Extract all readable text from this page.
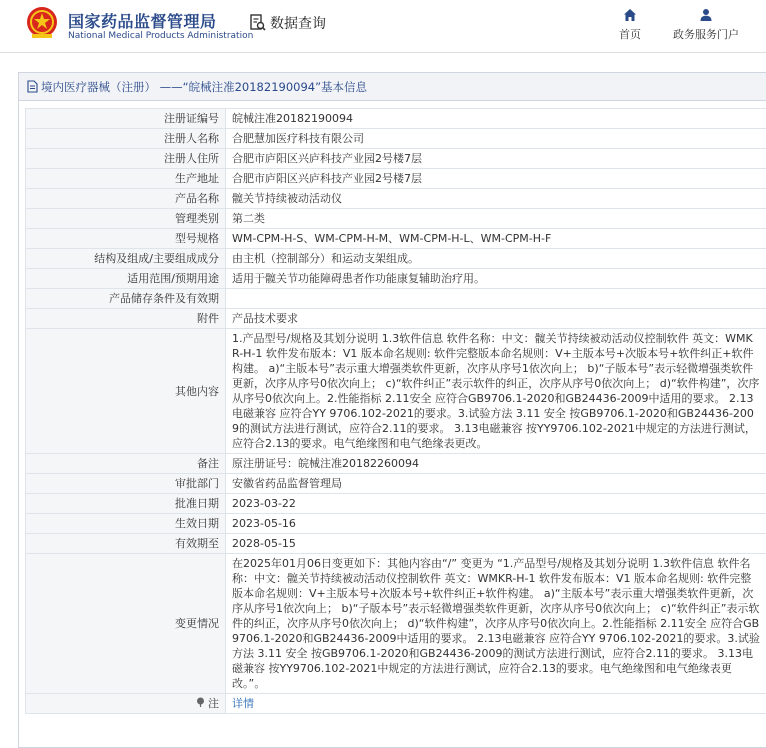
国家药品监督管理局
National Medical Products Administration
数据查询
首页	政务服务门户
境内医疗器械（注册） ——“皖械注准20182190094”基本信息
注册证编号	皖械注准20182190094
注册人名称	合肥慧加医疗科技有限公司
注册人住所	合肥市庐阳区兴庐科技产业园2号楼7层
生产地址	合肥市庐阳区兴庐科技产业园2号楼7层
产品名称	髋关节持续被动活动仪
管理类别	第二类
型号规格	WM-CPM-H-S、WM-CPM-H-M、WM-CPM-H-L、WM-CPM-H-F
结构及组成/主要组成成分	由主机（控制部分）和运动支架组成。
适用范围/预期用途	适用于髋关节功能障碍患者作功能康复辅助治疗用。
产品储存条件及有效期	
附件	产品技术要求
其他内容	1.产品型号/规格及其划分说明 1.3软件信息 软件名称：中文：髋关节持续被动活动仪控制软件 英文：WMKR-H-1 软件发布版本：V1 版本命名规则: 软件完整版本命名规则：V+主版本号+次版本号+软件纠正+软件构建。 a)“主版本号”表示重大增强类软件更新，次序从序号1依次向上； b)“子版本号”表示轻微增强类软件更新，次序从序号0依次向上； c)“软件纠正”表示软件的纠正，次序从序号0依次向上； d)“软件构建”，次序从序号0依次向上。2.性能指标 2.11安全 应符合GB9706.1-2020和GB24436-2009中适用的要求。 2.13电磁兼容 应符合YY 9706.102-2021的要求。3.试验方法 3.11 安全 按GB9706.1-2020和GB24436-2009的测试方法进行测试，应符合2.11的要求。 3.13电磁兼容 按YY9706.102-2021中规定的方法进行测试，应符合2.13的要求。电气绝缘图和电气绝缘表更改。
备注	原注册证号：皖械注准20182260094
审批部门	安徽省药品监督管理局
批准日期	2023-03-22
生效日期	2023-05-16
有效期至	2028-05-15
变更情况	在2025年01月06日变更如下：其他内容由“/” 变更为 “1.产品型号/规格及其划分说明 1.3软件信息 软件名称：中文：髋关节持续被动活动仪控制软件 英文：WMKR-H-1 软件发布版本：V1 版本命名规则: 软件完整版本命名规则：V+主版本号+次版本号+软件纠正+软件构建。 a)“主版本号”表示重大增强类软件更新，次序从序号1依次向上； b)“子版本号”表示轻微增强类软件更新，次序从序号0依次向上； c)“软件纠正”表示软件的纠正，次序从序号0依次向上； d)“软件构建”，次序从序号0依次向上。2.性能指标 2.11安全 应符合GB9706.1-2020和GB24436-2009中适用的要求。 2.13电磁兼容 应符合YY 9706.102-2021的要求。3.试验方法 3.11 安全 按GB9706.1-2020和GB24436-2009的测试方法进行测试，应符合2.11的要求。 3.13电磁兼容 按YY9706.102-2021中规定的方法进行测试，应符合2.13的要求。电气绝缘图和电气绝缘表更改。”。
注	详情
